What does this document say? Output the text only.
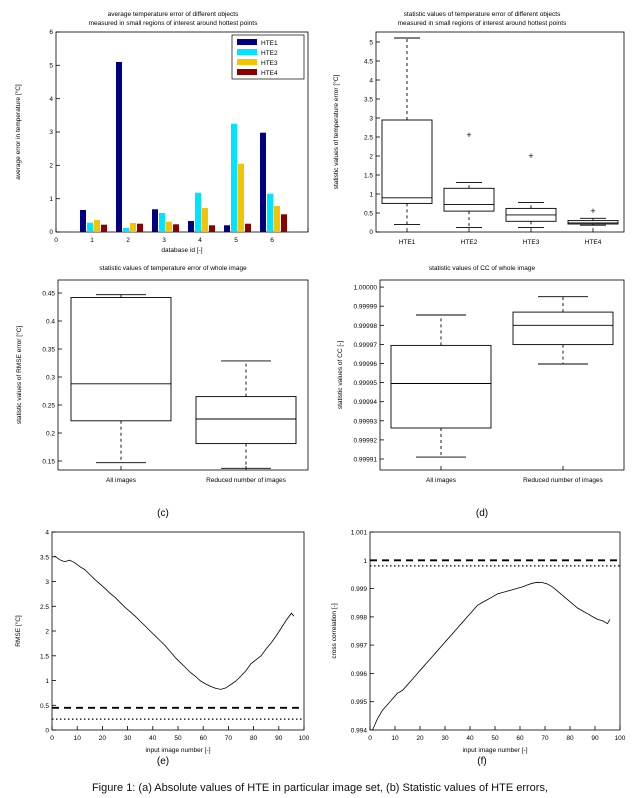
average temperature error of different objects
measured in small regions of interest around hottest points
0
1
2
3
4
5
6
0	1	2	3	4	5	6
database id [-]
average error in temperature [°C]
HTE1
HTE2
HTE3
HTE4
statistic values of temperature error of different objects
measured in small regions of interest around hottest points
0
0.5
1
1.5
2
2.5
3
3.5
4
4.5
5
statistic values of temperature error [°C]
HTE1	HTE2	HTE3	HTE4
+
+
+
statistic values of temperature error of whole image
0.15
0.2
0.25
0.3
0.35
0.4
0.45
statistic values of RMSE error [°C]
All images	Reduced number of images
(c)
statistic values of CC of whole image
0.99991
0.99992
0.99993
0.99994
0.99995
0.99996
0.99997
0.99998
0.99999
1.00000
statistic values of CC [-]
All images	Reduced number of images
(d)
0
0.5
1
1.5
2
2.5
3
3.5
4
RMSE [°C]
0	10	20	30	40	50	60	70	80	90 100
input image number [-]
(e)
0.994
0.995
0.996
0.997
0.998
0.999
1
1.001
cross correlation [-]
0	10	20	30	40	50	60	70	80	90 100
input image number [-]
(f)
Figure 1: (a) Absolute values of HTE in particular image set, (b) Statistic values of HTE errors,
